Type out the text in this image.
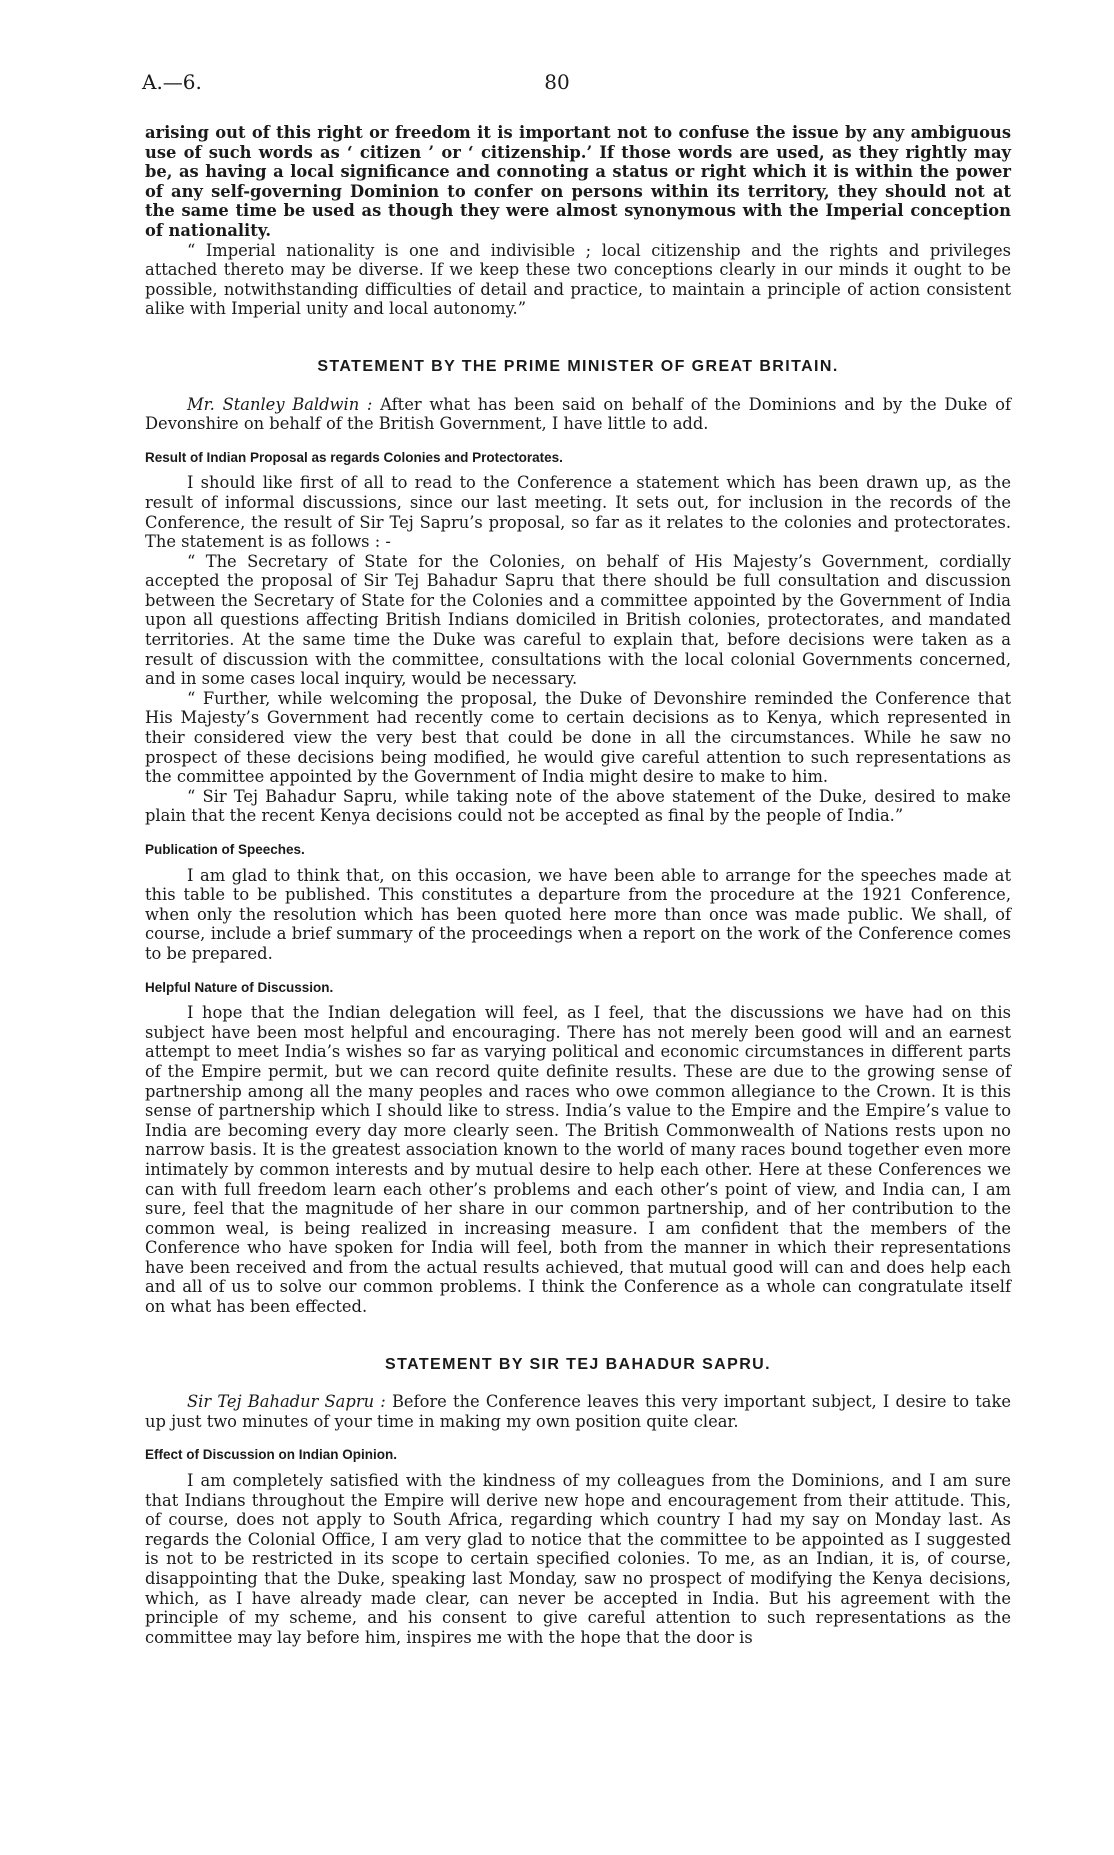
A.—6.	80

arising out of this right or freedom it is important not to confuse the issue by any ambiguous use of such words as ‘ citizen ’ or ‘ citizenship.’ If those words are used, as they rightly may be, as having a local significance and connoting a status or right which it is within the power of any self-governing Dominion to confer on persons within its territory, they should not at the same time be used as though they were almost synonymous with the Imperial conception of nationality.

“ Imperial nationality is one and indivisible ; local citizenship and the rights and privileges attached thereto may be diverse. If we keep these two conceptions clearly in our minds it ought to be possible, notwithstanding difficulties of detail and practice, to maintain a principle of action consistent alike with Imperial unity and local autonomy.”

STATEMENT BY THE PRIME MINISTER OF GREAT BRITAIN.

Mr. Stanley Baldwin : After what has been said on behalf of the Dominions and by the Duke of Devonshire on behalf of the British Government, I have little to add.

Result of Indian Proposal as regards Colonies and Protectorates.

I should like first of all to read to the Conference a statement which has been drawn up, as the result of informal discussions, since our last meeting. It sets out, for inclusion in the records of the Conference, the result of Sir Tej Sapru’s proposal, so far as it relates to the colonies and protectorates. The statement is as follows : -

“ The Secretary of State for the Colonies, on behalf of His Majesty’s Government, cordially accepted the proposal of Sir Tej Bahadur Sapru that there should be full consultation and discussion between the Secretary of State for the Colonies and a committee appointed by the Government of India upon all questions affecting British Indians domiciled in British colonies, protectorates, and mandated territories. At the same time the Duke was careful to explain that, before decisions were taken as a result of discussion with the committee, consultations with the local colonial Governments concerned, and in some cases local inquiry, would be necessary.

“ Further, while welcoming the proposal, the Duke of Devonshire reminded the Conference that His Majesty’s Government had recently come to certain decisions as to Kenya, which represented in their considered view the very best that could be done in all the circumstances. While he saw no prospect of these decisions being modified, he would give careful attention to such representations as the committee appointed by the Government of India might desire to make to him.

“ Sir Tej Bahadur Sapru, while taking note of the above statement of the Duke, desired to make plain that the recent Kenya decisions could not be accepted as final by the people of India.”

Publication of Speeches.

I am glad to think that, on this occasion, we have been able to arrange for the speeches made at this table to be published. This constitutes a departure from the procedure at the 1921 Conference, when only the resolution which has been quoted here more than once was made public. We shall, of course, include a brief summary of the proceedings when a report on the work of the Conference comes to be prepared.

Helpful Nature of Discussion.

I hope that the Indian delegation will feel, as I feel, that the discussions we have had on this subject have been most helpful and encouraging. There has not merely been good will and an earnest attempt to meet India’s wishes so far as varying political and economic circumstances in different parts of the Empire permit, but we can record quite definite results. These are due to the growing sense of partnership among all the many peoples and races who owe common allegiance to the Crown. It is this sense of partnership which I should like to stress. India’s value to the Empire and the Empire’s value to India are becoming every day more clearly seen. The British Commonwealth of Nations rests upon no narrow basis. It is the greatest association known to the world of many races bound together even more intimately by common interests and by mutual desire to help each other. Here at these Conferences we can with full freedom learn each other’s problems and each other’s point of view, and India can, I am sure, feel that the magnitude of her share in our common partnership, and of her contribution to the common weal, is being realized in increasing measure. I am confident that the members of the Conference who have spoken for India will feel, both from the manner in which their representations have been received and from the actual results achieved, that mutual good will can and does help each and all of us to solve our common problems. I think the Conference as a whole can congratulate itself on what has been effected.

STATEMENT BY SIR TEJ BAHADUR SAPRU.

Sir Tej Bahadur Sapru : Before the Conference leaves this very important subject, I desire to take up just two minutes of your time in making my own position quite clear.

Effect of Discussion on Indian Opinion.

I am completely satisfied with the kindness of my colleagues from the Dominions, and I am sure that Indians throughout the Empire will derive new hope and encouragement from their attitude. This, of course, does not apply to South Africa, regarding which country I had my say on Monday last. As regards the Colonial Office, I am very glad to notice that the committee to be appointed as I suggested is not to be restricted in its scope to certain specified colonies. To me, as an Indian, it is, of course, disappointing that the Duke, speaking last Monday, saw no prospect of modifying the Kenya decisions, which, as I have already made clear, can never be accepted in India. But his agreement with the principle of my scheme, and his consent to give careful attention to such representations as the committee may lay before him, inspires me with the hope that the door is
